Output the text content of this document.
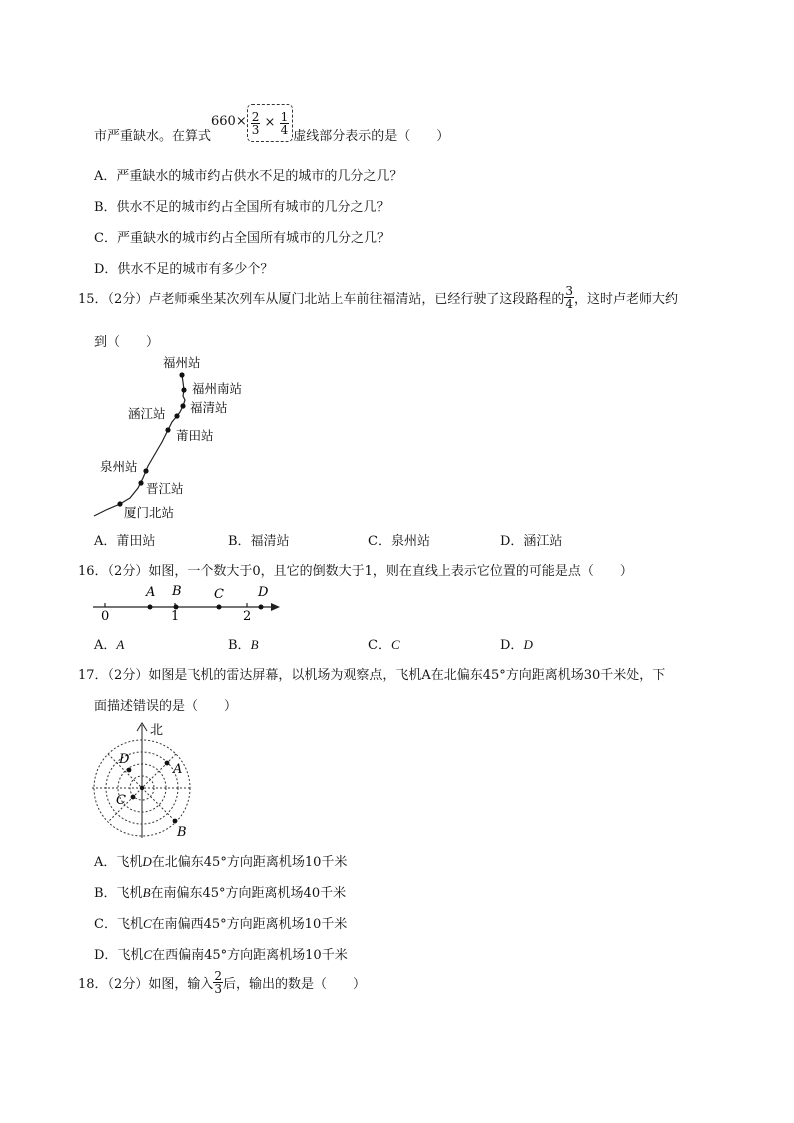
市严重缺水。在算式$660\times \frac{2}{3} \times \frac{1}{4}$
虚线部分表示的是（　　）
A．严重缺水的城市约占供水不足的城市的几分之几？
B．供水不足的城市约占全国所有城市的几分之几？
C．严重缺水的城市约占全国所有城市的几分之几？
D．供水不足的城市有多少个？
15．（2分）卢老师乘坐某次列车从厦门北站上车前往福清站，已经行驶了这段路程的 $\frac{3}{4}$ ，这时卢老师大约
到（　　）
福州站
福州南站
福清站
涵江站
莆田站
泉州站
晋江站
厦门北站
A．莆田站	B．福清站	C．泉州站	D．涵江站
16．（2分）如图，一个数大于0，且它的倒数大于1，则在直线上表示它位置的可能是点（　　）
A B C	D
0	1	2
A．A	B．B	C．C	D．D
17．（2分）如图是飞机的雷达屏幕，以机场为观察点，飞机A在北偏东45°方向距离机场30千米处，下
面描述错误的是（　　）
北
A
B
C
D
A．飞机D在北偏东45°方向距离机场10千米
B．飞机B在南偏东45°方向距离机场40千米
C．飞机C在南偏西45°方向距离机场10千米
D．飞机C在西偏南45°方向距离机场10千米
18．（2分）如图，输入 $\frac{2}{3}$ 后，输出的数是（　　）
